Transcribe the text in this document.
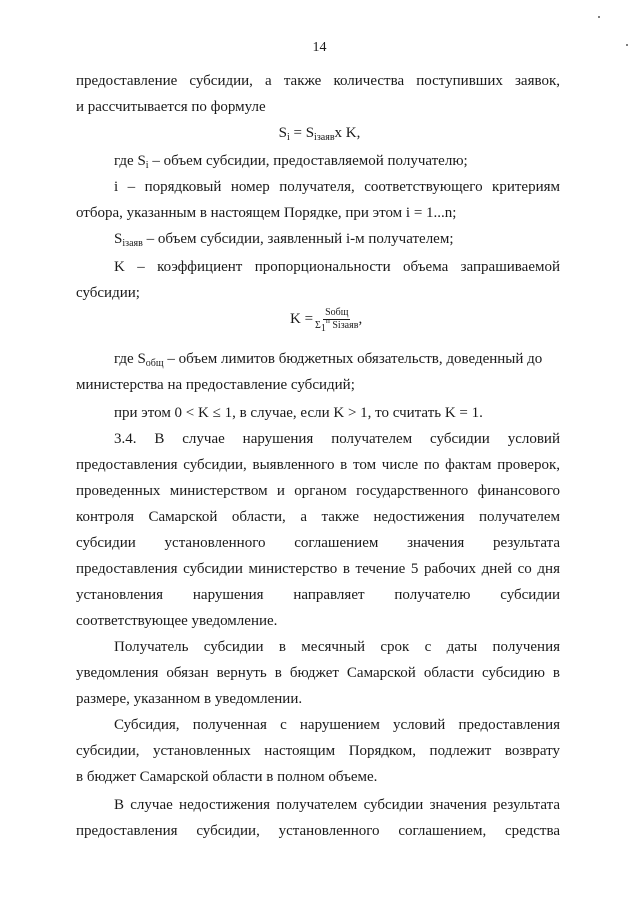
14
предоставление субсидии, а также количества поступивших заявок,
и рассчитывается по формуле
$S_i = S_{iзаяв}x$ K,
где $S_i$ – объем субсидии, предоставляемой получателю;
i – порядковый номер получателя, соответствующего критериям
отбора, указанным в настоящем Порядке, при этом i = 1...n;
$S_{iзаяв}$ – объем субсидии, заявленный i-м получателем;
K – коэффициент пропорциональности объема запрашиваемой
субсидии;
$K = \frac{\text{Sобщ}}{\Sigma 1^n Siзаяв}$ ,
где $S_{общ}$ – объем лимитов бюджетных обязательств, доведенный до
министерства на предоставление субсидий;
при этом 0 < K ≤ 1, в случае, если K > 1, то считать K = 1.
3.4. В случае нарушения получателем субсидии условий
предоставления субсидии, выявленного в том числе по фактам проверок,
проведенных министерством и органом государственного финансового
контроля Самарской области, а также недостижения получателем
субсидии установленного соглашением значения результата
предоставления субсидии министерство в течение 5 рабочих дней со дня
установления нарушения направляет получателю субсидии
соответствующее уведомление.
Получатель субсидии в месячный срок с даты получения
уведомления обязан вернуть в бюджет Самарской области субсидию в
размере, указанном в уведомлении.
Субсидия, полученная с нарушением условий предоставления
субсидии, установленных настоящим Порядком, подлежит возврату
в бюджет Самарской области в полном объеме.
В случае недостижения получателем субсидии значения результата
предоставления субсидии, установленного соглашением, средства
